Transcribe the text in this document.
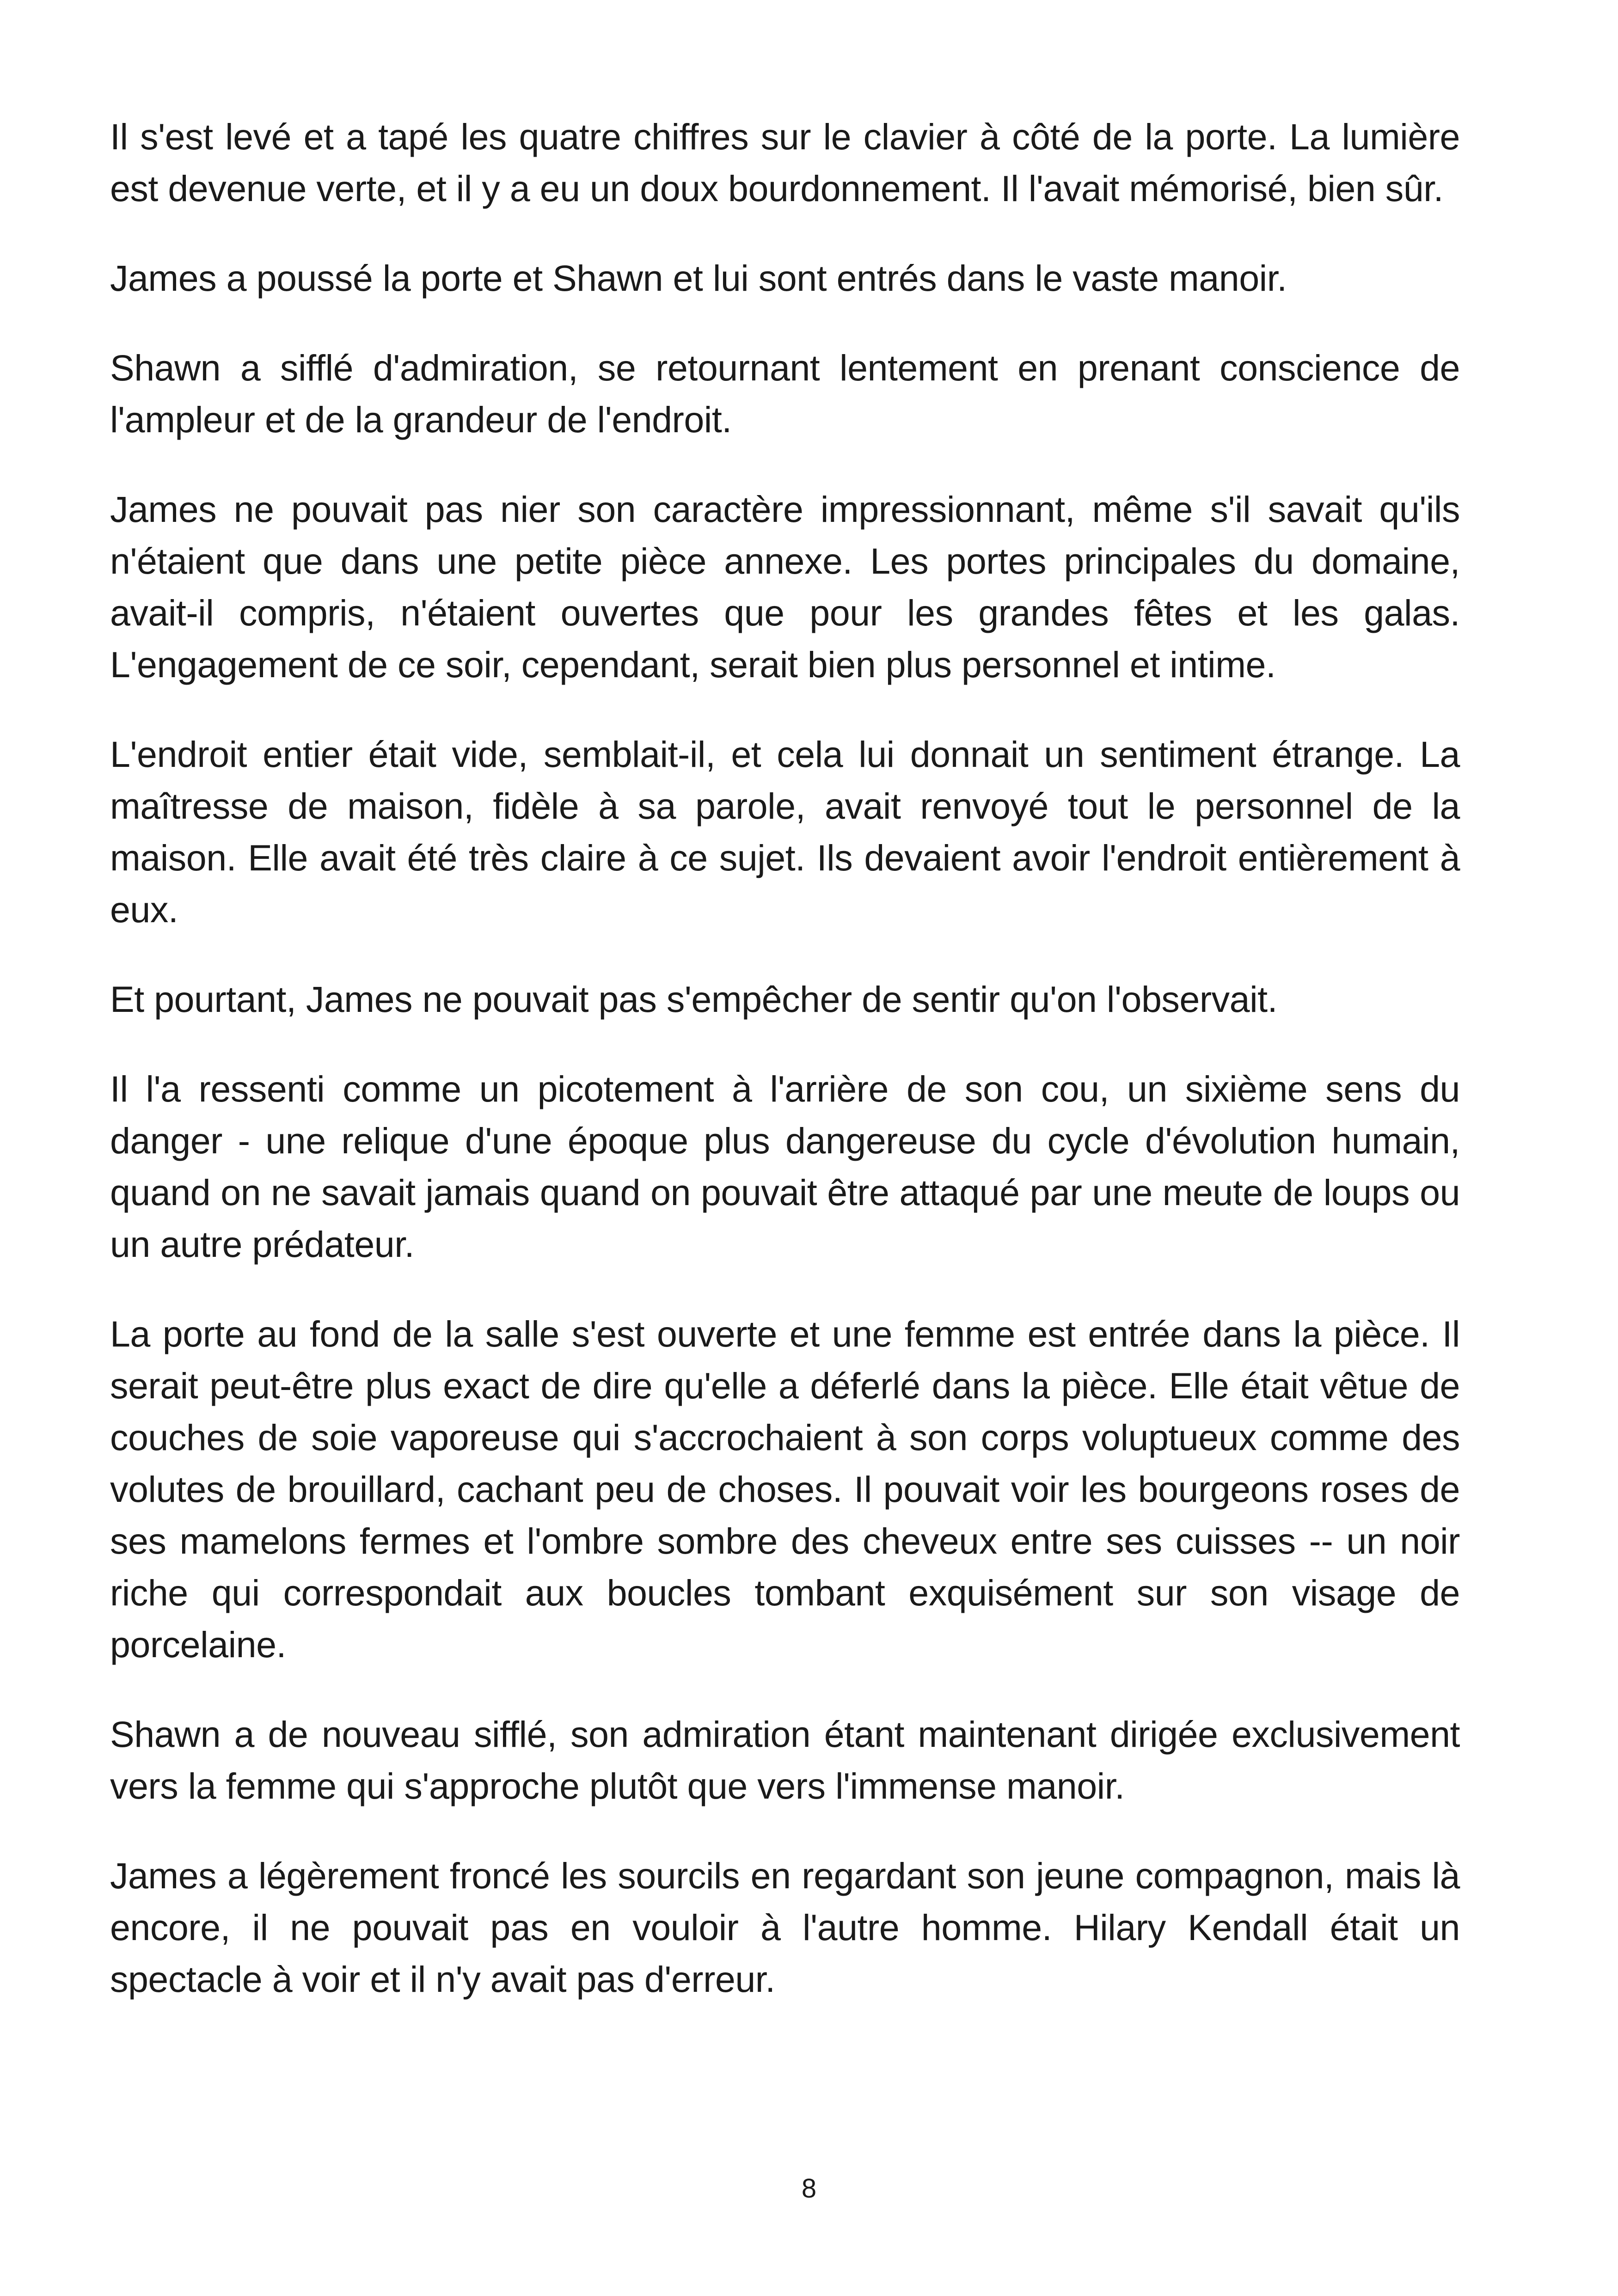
Il s'est levé et a tapé les quatre chiffres sur le clavier à côté de la porte. La lumière est devenue verte, et il y a eu un doux bourdonnement. Il l'avait mémorisé, bien sûr.

James a poussé la porte et Shawn et lui sont entrés dans le vaste manoir.

Shawn a sifflé d'admiration, se retournant lentement en prenant conscience de l'ampleur et de la grandeur de l'endroit.

James ne pouvait pas nier son caractère impressionnant, même s'il savait qu'ils n'étaient que dans une petite pièce annexe. Les portes principales du domaine, avait-il compris, n'étaient ouvertes que pour les grandes fêtes et les galas. L'engagement de ce soir, cependant, serait bien plus personnel et intime.

L'endroit entier était vide, semblait-il, et cela lui donnait un sentiment étrange. La maîtresse de maison, fidèle à sa parole, avait renvoyé tout le personnel de la maison. Elle avait été très claire à ce sujet. Ils devaient avoir l'endroit entièrement à eux.

Et pourtant, James ne pouvait pas s'empêcher de sentir qu'on l'observait.

Il l'a ressenti comme un picotement à l'arrière de son cou, un sixième sens du danger - une relique d'une époque plus dangereuse du cycle d'évolution humain, quand on ne savait jamais quand on pouvait être attaqué par une meute de loups ou un autre prédateur.

La porte au fond de la salle s'est ouverte et une femme est entrée dans la pièce. Il serait peut-être plus exact de dire qu'elle a déferlé dans la pièce. Elle était vêtue de couches de soie vaporeuse qui s'accrochaient à son corps voluptueux comme des volutes de brouillard, cachant peu de choses. Il pouvait voir les bourgeons roses de ses mamelons fermes et l'ombre sombre des cheveux entre ses cuisses -- un noir riche qui correspondait aux boucles tombant exquisément sur son visage de porcelaine.

Shawn a de nouveau sifflé, son admiration étant maintenant dirigée exclusivement vers la femme qui s'approche plutôt que vers l'immense manoir.

James a légèrement froncé les sourcils en regardant son jeune compagnon, mais là encore, il ne pouvait pas en vouloir à l'autre homme. Hilary Kendall était un spectacle à voir et il n'y avait pas d'erreur.

8
